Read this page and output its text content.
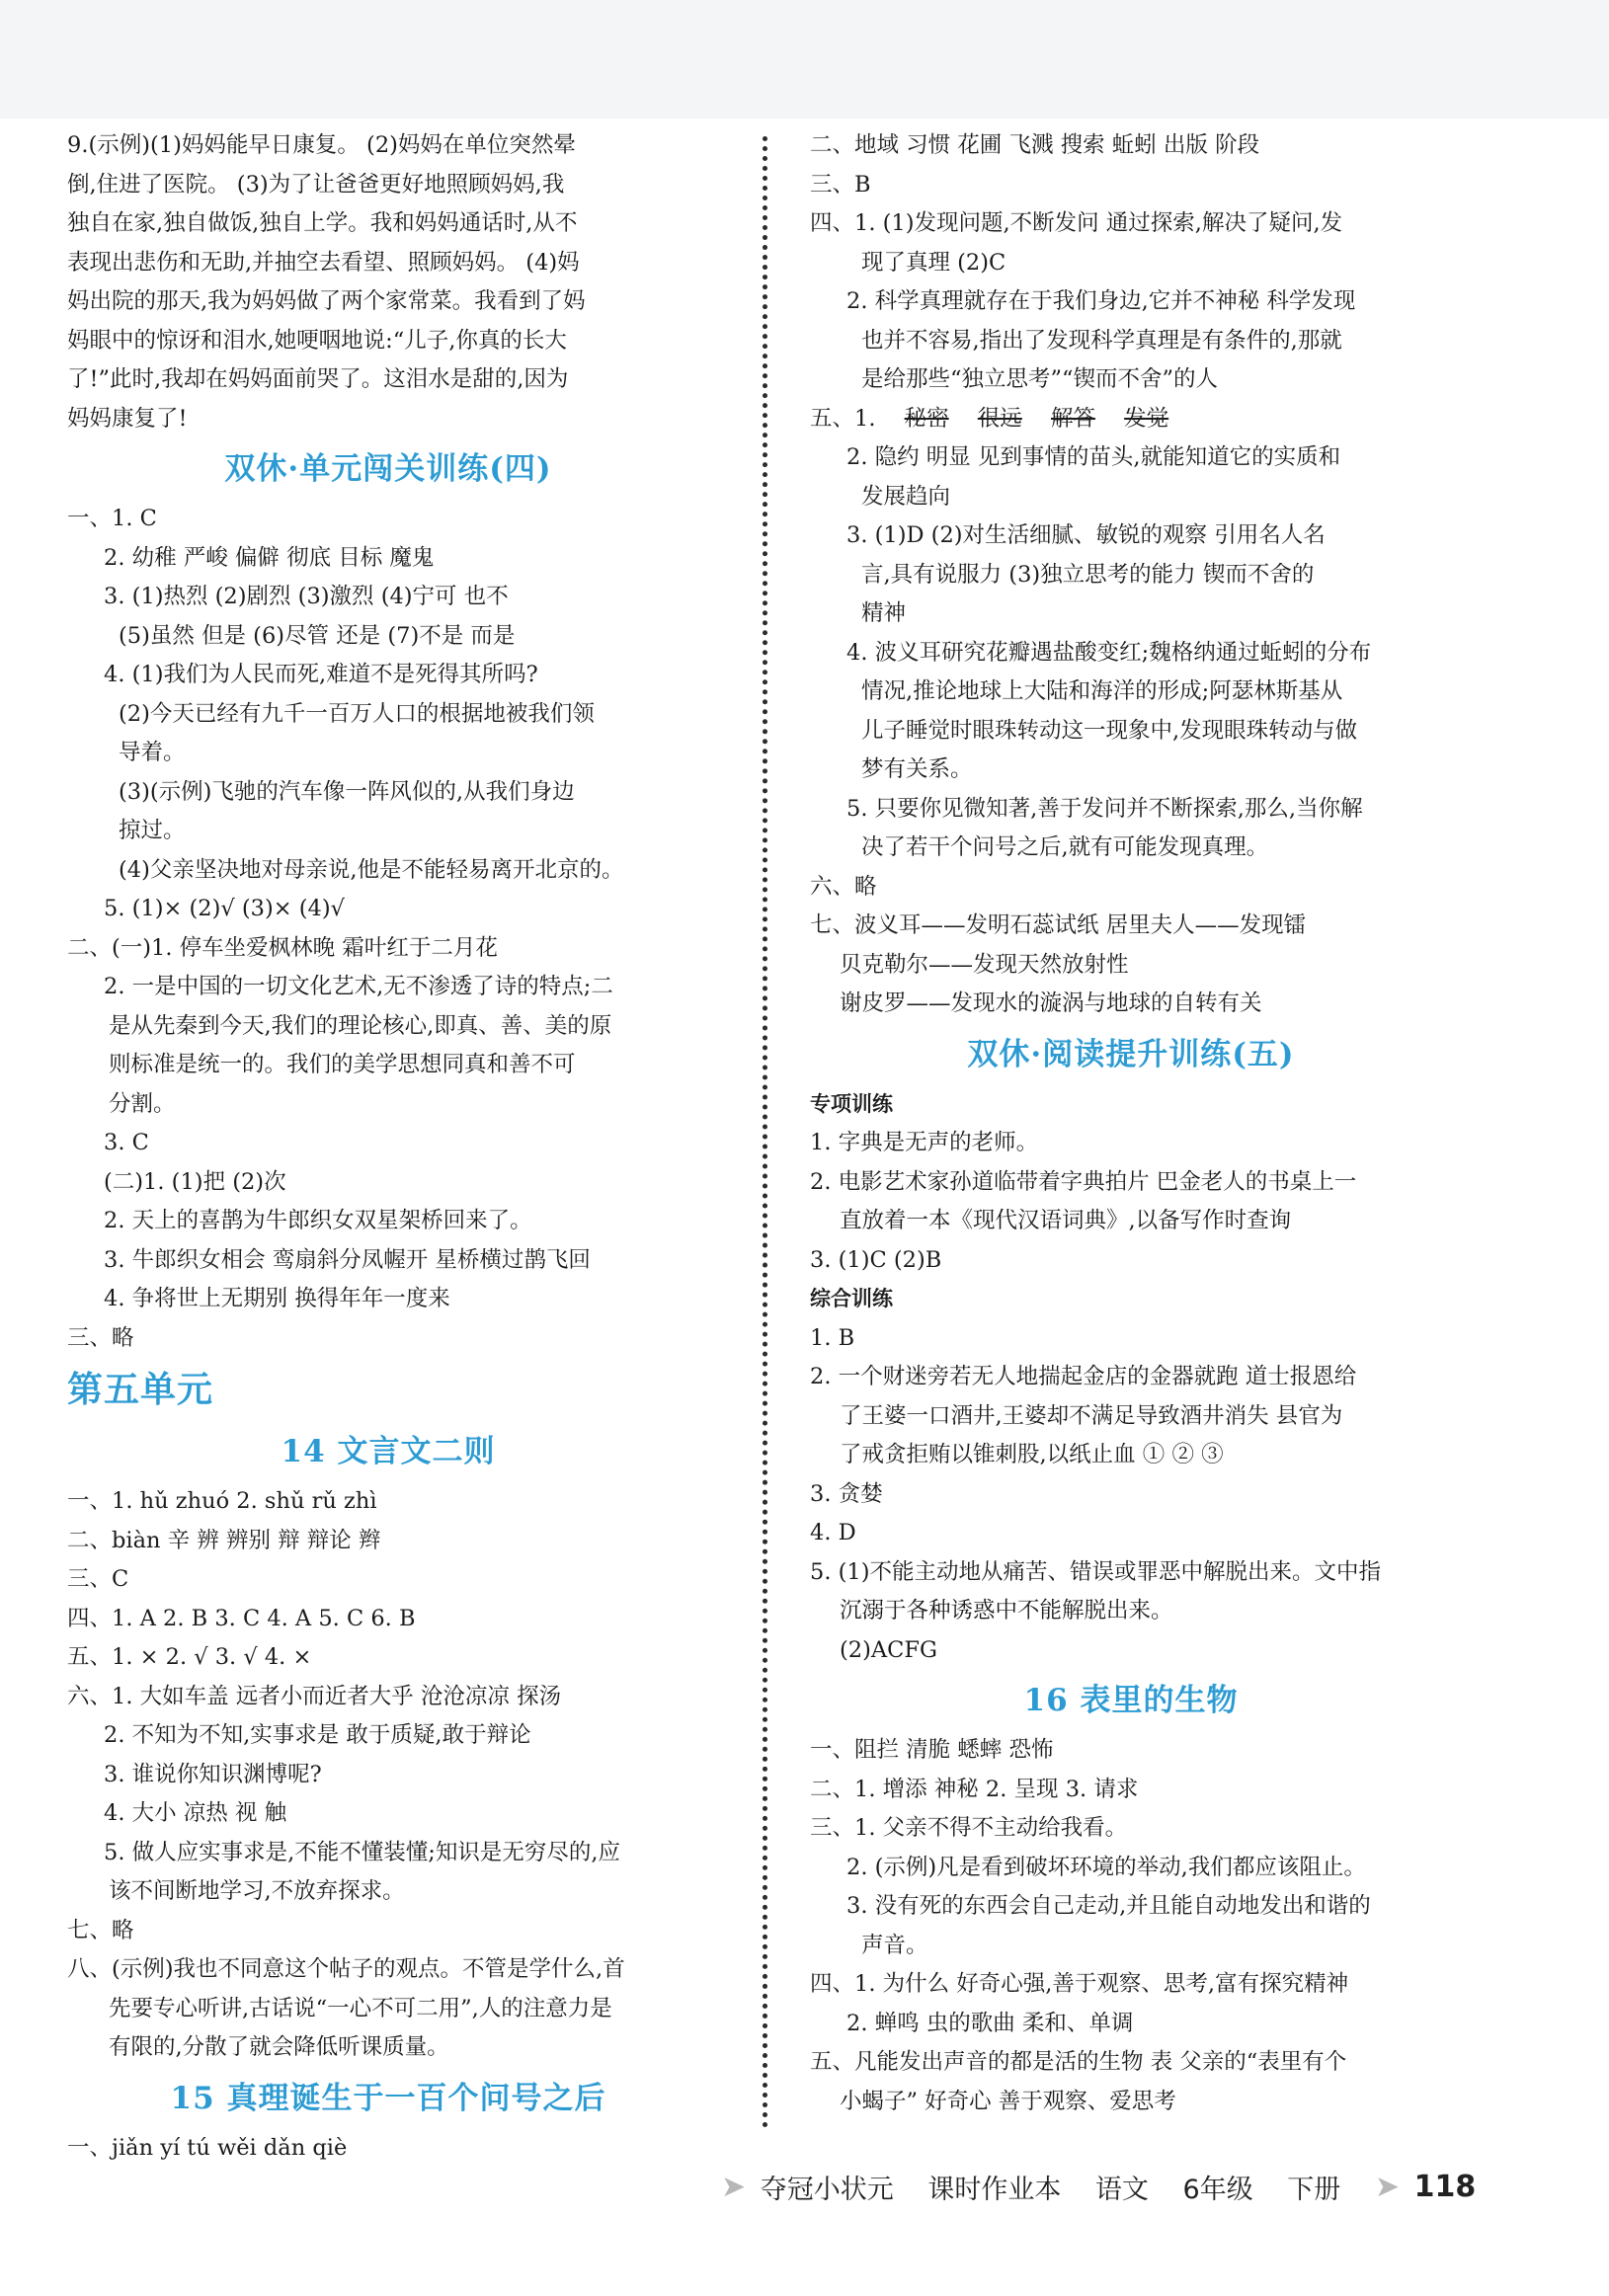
9.(示例)(1)妈妈能早日康复。 (2)妈妈在单位突然晕
倒,住进了医院。 (3)为了让爸爸更好地照顾妈妈,我
独自在家,独自做饭,独自上学。我和妈妈通话时,从不
表现出悲伤和无助,并抽空去看望、照顾妈妈。 (4)妈
妈出院的那天,我为妈妈做了两个家常菜。我看到了妈
妈眼中的惊讶和泪水,她哽咽地说:“儿子,你真的长大
了!”此时,我却在妈妈面前哭了。这泪水是甜的,因为
妈妈康复了!
双休·单元闯关训练(四)
一、1. C
2. 幼稚 严峻 偏僻 彻底 目标 魔鬼
3. (1)热烈 (2)剧烈 (3)激烈 (4)宁可 也不
(5)虽然 但是 (6)尽管 还是 (7)不是 而是
4. (1)我们为人民而死,难道不是死得其所吗?
(2)今天已经有九千一百万人口的根据地被我们领
导着。
(3)(示例)飞驰的汽车像一阵风似的,从我们身边
掠过。
(4)父亲坚决地对母亲说,他是不能轻易离开北京的。
5. (1)× (2)√ (3)× (4)√
二、(一)1. 停车坐爱枫林晚 霜叶红于二月花
2. 一是中国的一切文化艺术,无不渗透了诗的特点;二
是从先秦到今天,我们的理论核心,即真、善、美的原
则标准是统一的。我们的美学思想同真和善不可
分割。
3. C
(二)1. (1)把 (2)次
2. 天上的喜鹊为牛郎织女双星架桥回来了。
3. 牛郎织女相会 鸾扇斜分凤幄开 星桥横过鹊飞回
4. 争将世上无期别 换得年年一度来
三、略
第五单元
14 文言文二则
一、1. hǔ zhuó 2. shǔ rǔ zhì
二、biàn 辛 辨 辨别 辩 辩论 辫
三、C
四、1. A 2. B 3. C 4. A 5. C 6. B
五、1. × 2. √ 3. √ 4. ×
六、1. 大如车盖 远者小而近者大乎 沧沧凉凉 探汤
2. 不知为不知,实事求是 敢于质疑,敢于辩论
3. 谁说你知识渊博呢?
4. 大小 凉热 视 触
5. 做人应实事求是,不能不懂装懂;知识是无穷尽的,应
该不间断地学习,不放弃探求。
七、略
八、(示例)我也不同意这个帖子的观点。不管是学什么,首
先要专心听讲,古话说“一心不可二用”,人的注意力是
有限的,分散了就会降低听课质量。
15 真理诞生于一百个问号之后
一、jiǎn yí tú wěi dǎn qiè
二、地域 习惯 花圃 飞溅 搜索 蚯蚓 出版 阶段
三、B
四、1. (1)发现问题,不断发问 通过探索,解决了疑问,发
现了真理 (2)C
2. 科学真理就存在于我们身边,它并不神秘 科学发现
也并不容易,指出了发现科学真理是有条件的,那就
是给那些“独立思考”“锲而不舍”的人
五、1. 秘密 很远 解答 发觉
2. 隐约 明显 见到事情的苗头,就能知道它的实质和
发展趋向
3. (1)D (2)对生活细腻、敏锐的观察 引用名人名
言,具有说服力 (3)独立思考的能力 锲而不舍的
精神
4. 波义耳研究花瓣遇盐酸变红;魏格纳通过蚯蚓的分布
情况,推论地球上大陆和海洋的形成;阿瑟林斯基从
儿子睡觉时眼珠转动这一现象中,发现眼珠转动与做
梦有关系。
5. 只要你见微知著,善于发问并不断探索,那么,当你解
决了若干个问号之后,就有可能发现真理。
六、略
七、波义耳——发明石蕊试纸 居里夫人——发现镭
贝克勒尔——发现天然放射性
谢皮罗——发现水的漩涡与地球的自转有关
双休·阅读提升训练(五)
专项训练
1. 字典是无声的老师。
2. 电影艺术家孙道临带着字典拍片 巴金老人的书桌上一
直放着一本《现代汉语词典》,以备写作时查询
3. (1)C (2)B
综合训练
1. B
2. 一个财迷旁若无人地揣起金店的金器就跑 道士报恩给
了王婆一口酒井,王婆却不满足导致酒井消失 县官为
了戒贪拒贿以锥刺股,以纸止血 ① ② ③
3. 贪婪
4. D
5. (1)不能主动地从痛苦、错误或罪恶中解脱出来。文中指
沉溺于各种诱惑中不能解脱出来。
(2)ACFG
16 表里的生物
一、阻拦 清脆 蟋蟀 恐怖
二、1. 增添 神秘 2. 呈现 3. 请求
三、1. 父亲不得不主动给我看。
2. (示例)凡是看到破坏环境的举动,我们都应该阻止。
3. 没有死的东西会自己走动,并且能自动地发出和谐的
声音。
四、1. 为什么 好奇心强,善于观察、思考,富有探究精神
2. 蝉鸣 虫的歌曲 柔和、单调
五、凡能发出声音的都是活的生物 表 父亲的“表里有个
小蝎子” 好奇心 善于观察、爱思考
➤ 夺冠小状元 课时作业本 语文 6年级 下册 ➤ 118
